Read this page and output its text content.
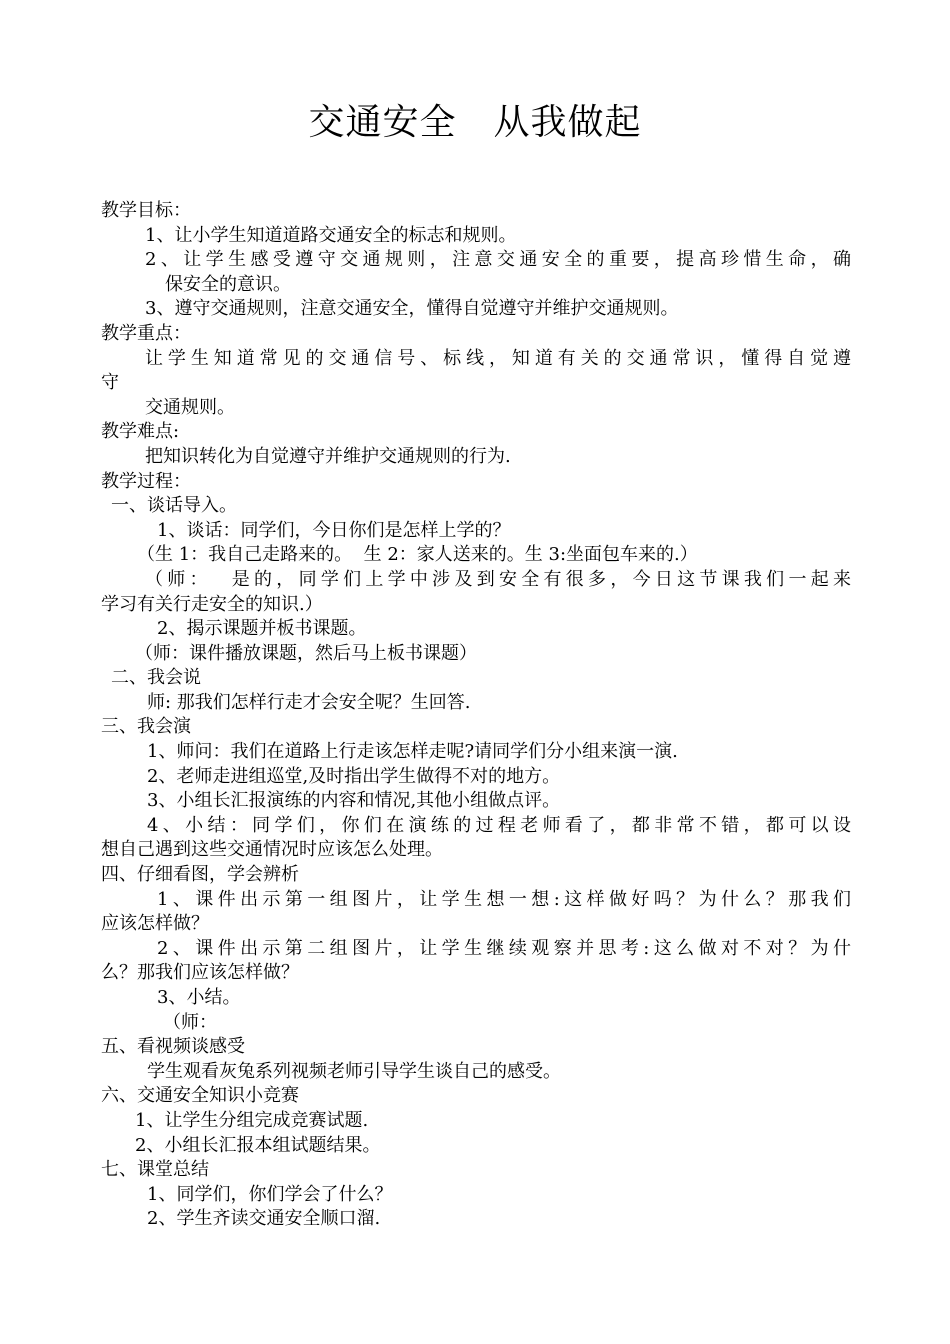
交通安全　从我做起
教学目标：
1、让小学生知道道路交通安全的标志和规则。
2、让学生感受遵守交通规则，注意交通安全的重要，提高珍惜生命，确
保安全的意识。
3、遵守交通规则，注意交通安全，懂得自觉遵守并维护交通规则。
教学重点：
让学生知道常见的交通信号、标线，知道有关的交通常识，懂得自觉遵
守
交通规则。
教学难点:
把知识转化为自觉遵守并维护交通规则的行为.
教学过程：
一、谈话导入。
1、谈话：同学们，今日你们是怎样上学的？
（生 1：我自己走路来的。  生 2：家人送来的。生 3:坐面包车来的.）
（师：  是的，同学们上学中涉及到安全有很多，今日这节课我们一起来
学习有关行走安全的知识.）
2、揭示课题并板书课题。
（师：课件播放课题，然后马上板书课题）
二、我会说
师: 那我们怎样行走才会安全呢？生回答.
三、我会演
1、师问：我们在道路上行走该怎样走呢?请同学们分小组来演一演.
2、老师走进组巡堂,及时指出学生做得不对的地方。
3、小组长汇报演练的内容和情况,其他小组做点评。
4、小结：同学们，你们在演练的过程老师看了，都非常不错，都可以设
想自己遇到这些交通情况时应该怎么处理。
四、仔细看图，学会辨析
1、课件出示第一组图片，让学生想一想:这样做好吗？为什么？那我们
应该怎样做？
2、课件出示第二组图片，让学生继续观察并思考:这么做对不对？为什
么？那我们应该怎样做？
3、小结。
（师：
五、看视频谈感受
学生观看灰兔系列视频老师引导学生谈自己的感受。
六、交通安全知识小竞赛
1、让学生分组完成竞赛试题.
2、小组长汇报本组试题结果。
七、课堂总结
1、同学们，你们学会了什么？
2、学生齐读交通安全顺口溜.
